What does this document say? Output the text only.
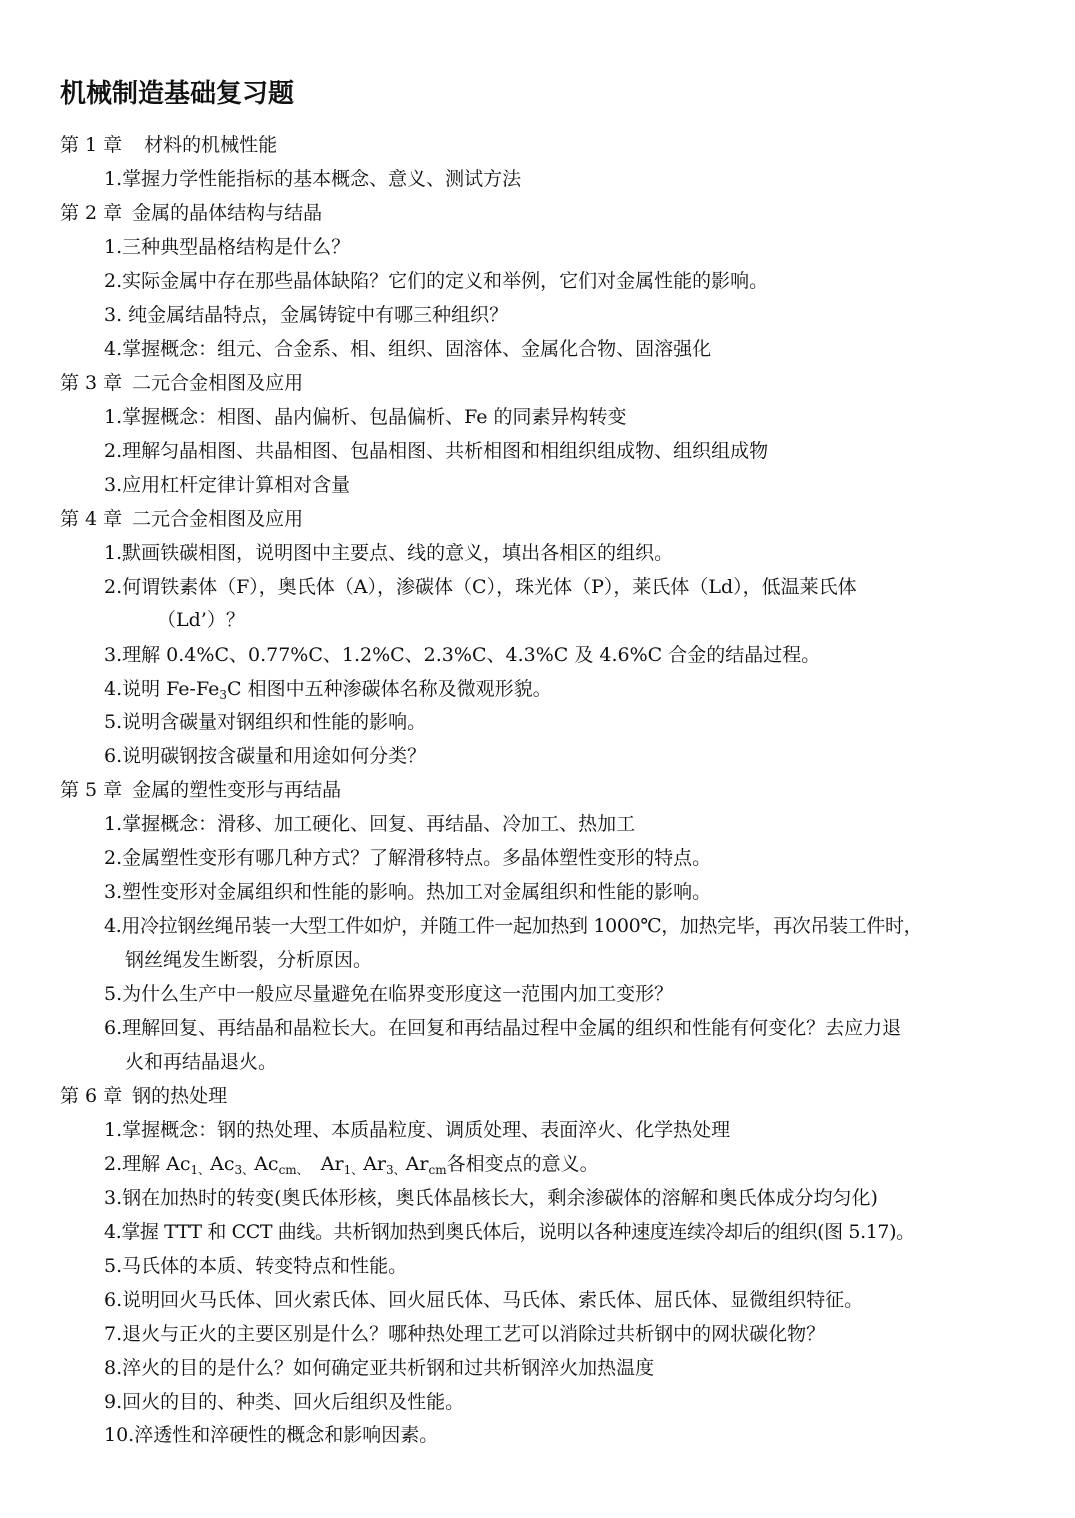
机械制造基础复习题

第 1 章 材料的机械性能

1.掌握力学性能指标的基本概念、意义、测试方法

第 2 章 金属的晶体结构与结晶

1.三种典型晶格结构是什么？

2.实际金属中存在那些晶体缺陷？它们的定义和举例，它们对金属性能的影响。

3. 纯金属结晶特点，金属铸锭中有哪三种组织？

4.掌握概念：组元、合金系、相、组织、固溶体、金属化合物、固溶强化

第 3 章 二元合金相图及应用

1.掌握概念：相图、晶内偏析、包晶偏析、Fe 的同素异构转变

2.理解匀晶相图、共晶相图、包晶相图、共析相图和相组织组成物、组织组成物

3.应用杠杆定律计算相对含量

第 4 章 二元合金相图及应用

1.默画铁碳相图，说明图中主要点、线的意义，填出各相区的组织。

2.何谓铁素体（F），奥氏体（A），渗碳体（C），珠光体（P），莱氏体（Ld），低温莱氏体

（Ld’）？

3.理解 0.4%C、0.77%C、1.2%C、2.3%C、4.3%C 及 4.6%C 合金的结晶过程。

4.说明 $Fe-Fe_3C$ 相图中五种渗碳体名称及微观形貌。

5.说明含碳量对钢组织和性能的影响。

6.说明碳钢按含碳量和用途如何分类？

第 5 章 金属的塑性变形与再结晶

1.掌握概念：滑移、加工硬化、回复、再结晶、冷加工、热加工

2.金属塑性变形有哪几种方式？了解滑移特点。多晶体塑性变形的特点。

3.塑性变形对金属组织和性能的影响。热加工对金属组织和性能的影响。

4.用冷拉钢丝绳吊装一大型工件如炉，并随工件一起加热到 1000℃，加热完毕，再次吊装工件时，

钢丝绳发生断裂，分析原因。

5.为什么生产中一般应尽量避免在临界变形度这一范围内加工变形？

6.理解回复、再结晶和晶粒长大。在回复和再结晶过程中金属的组织和性能有何变化？去应力退

火和再结晶退火。

第 6 章 钢的热处理

1.掌握概念：钢的热处理、本质晶粒度、调质处理、表面淬火、化学热处理

2.理解 $Ac_{1、}Ac_{3、}Ac_{cm、}$  $Ar_{1、}Ar_{3、}Ar_{cm}$各相变点的意义。

3.钢在加热时的转变(奥氏体形核，奥氏体晶核长大，剩余渗碳体的溶解和奥氏体成分均匀化)

4.掌握 TTT 和 CCT 曲线。共析钢加热到奥氏体后，说明以各种速度连续冷却后的组织(图 5.17)。

5.马氏体的本质、转变特点和性能。

6.说明回火马氏体、回火索氏体、回火屈氏体、马氏体、索氏体、屈氏体、显微组织特征。

7.退火与正火的主要区别是什么？哪种热处理工艺可以消除过共析钢中的网状碳化物？

8.淬火的目的是什么？如何确定亚共析钢和过共析钢淬火加热温度

9.回火的目的、种类、回火后组织及性能。

10.淬透性和淬硬性的概念和影响因素。
